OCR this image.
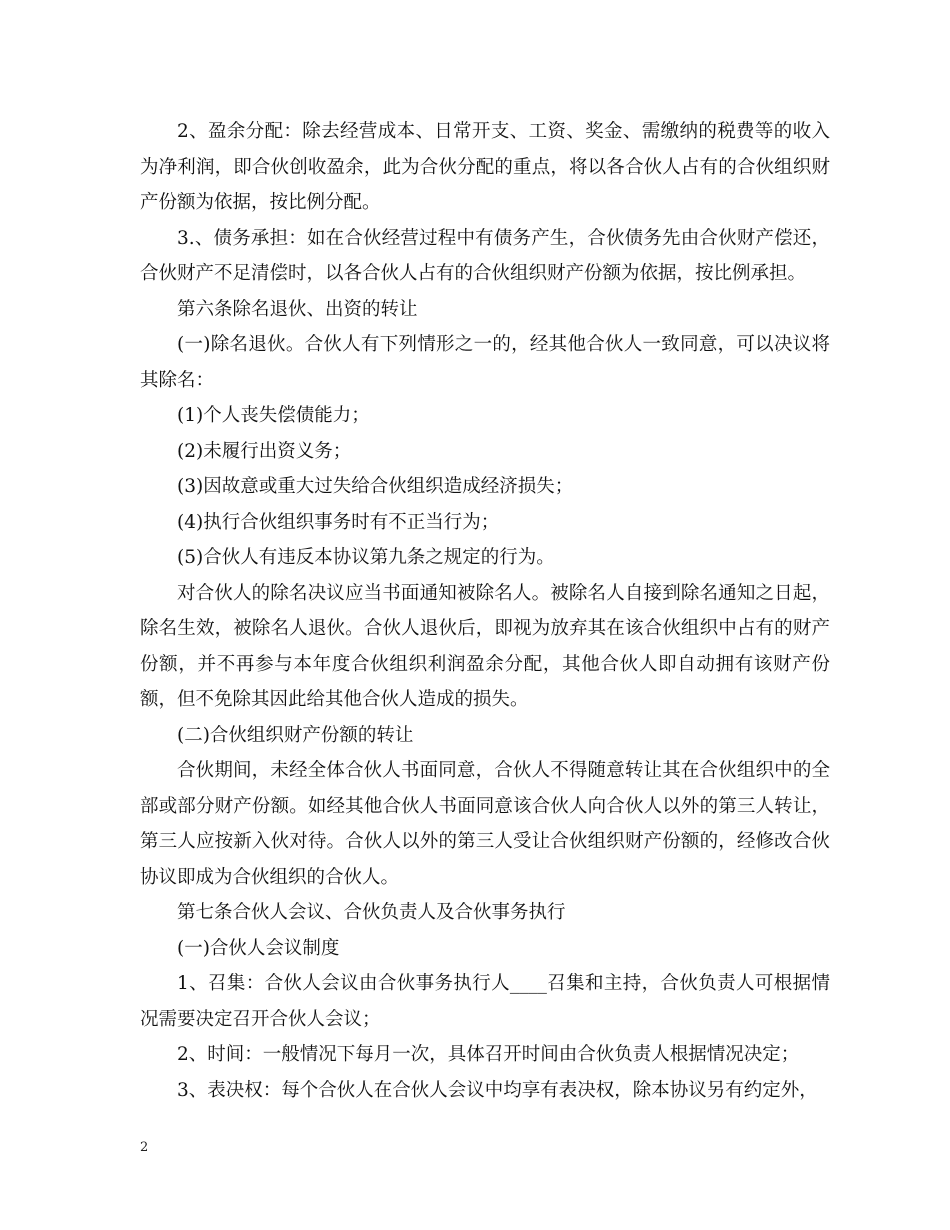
2、盈余分配：除去经营成本、日常开支、工资、奖金、需缴纳的税费等的收入为净利润，即合伙创收盈余，此为合伙分配的重点，将以各合伙人占有的合伙组织财产份额为依据，按比例分配。

3.、债务承担：如在合伙经营过程中有债务产生，合伙债务先由合伙财产偿还，合伙财产不足清偿时，以各合伙人占有的合伙组织财产份额为依据，按比例承担。

第六条除名退伙、出资的转让

(一)除名退伙。合伙人有下列情形之一的，经其他合伙人一致同意，可以决议将其除名：

(1)个人丧失偿债能力；

(2)未履行出资义务；

(3)因故意或重大过失给合伙组织造成经济损失；

(4)执行合伙组织事务时有不正当行为；

(5)合伙人有违反本协议第九条之规定的行为。

对合伙人的除名决议应当书面通知被除名人。被除名人自接到除名通知之日起，除名生效，被除名人退伙。合伙人退伙后，即视为放弃其在该合伙组织中占有的财产份额，并不再参与本年度合伙组织利润盈余分配，其他合伙人即自动拥有该财产份额，但不免除其因此给其他合伙人造成的损失。

(二)合伙组织财产份额的转让

合伙期间，未经全体合伙人书面同意，合伙人不得随意转让其在合伙组织中的全部或部分财产份额。如经其他合伙人书面同意该合伙人向合伙人以外的第三人转让，第三人应按新入伙对待。合伙人以外的第三人受让合伙组织财产份额的，经修改合伙协议即成为合伙组织的合伙人。

第七条合伙人会议、合伙负责人及合伙事务执行

(一)合伙人会议制度

1、召集：合伙人会议由合伙事务执行人____召集和主持，合伙负责人可根据情况需要决定召开合伙人会议；

2、时间：一般情况下每月一次，具体召开时间由合伙负责人根据情况决定；

3、表决权：每个合伙人在合伙人会议中均享有表决权，除本协议另有约定外，

2
